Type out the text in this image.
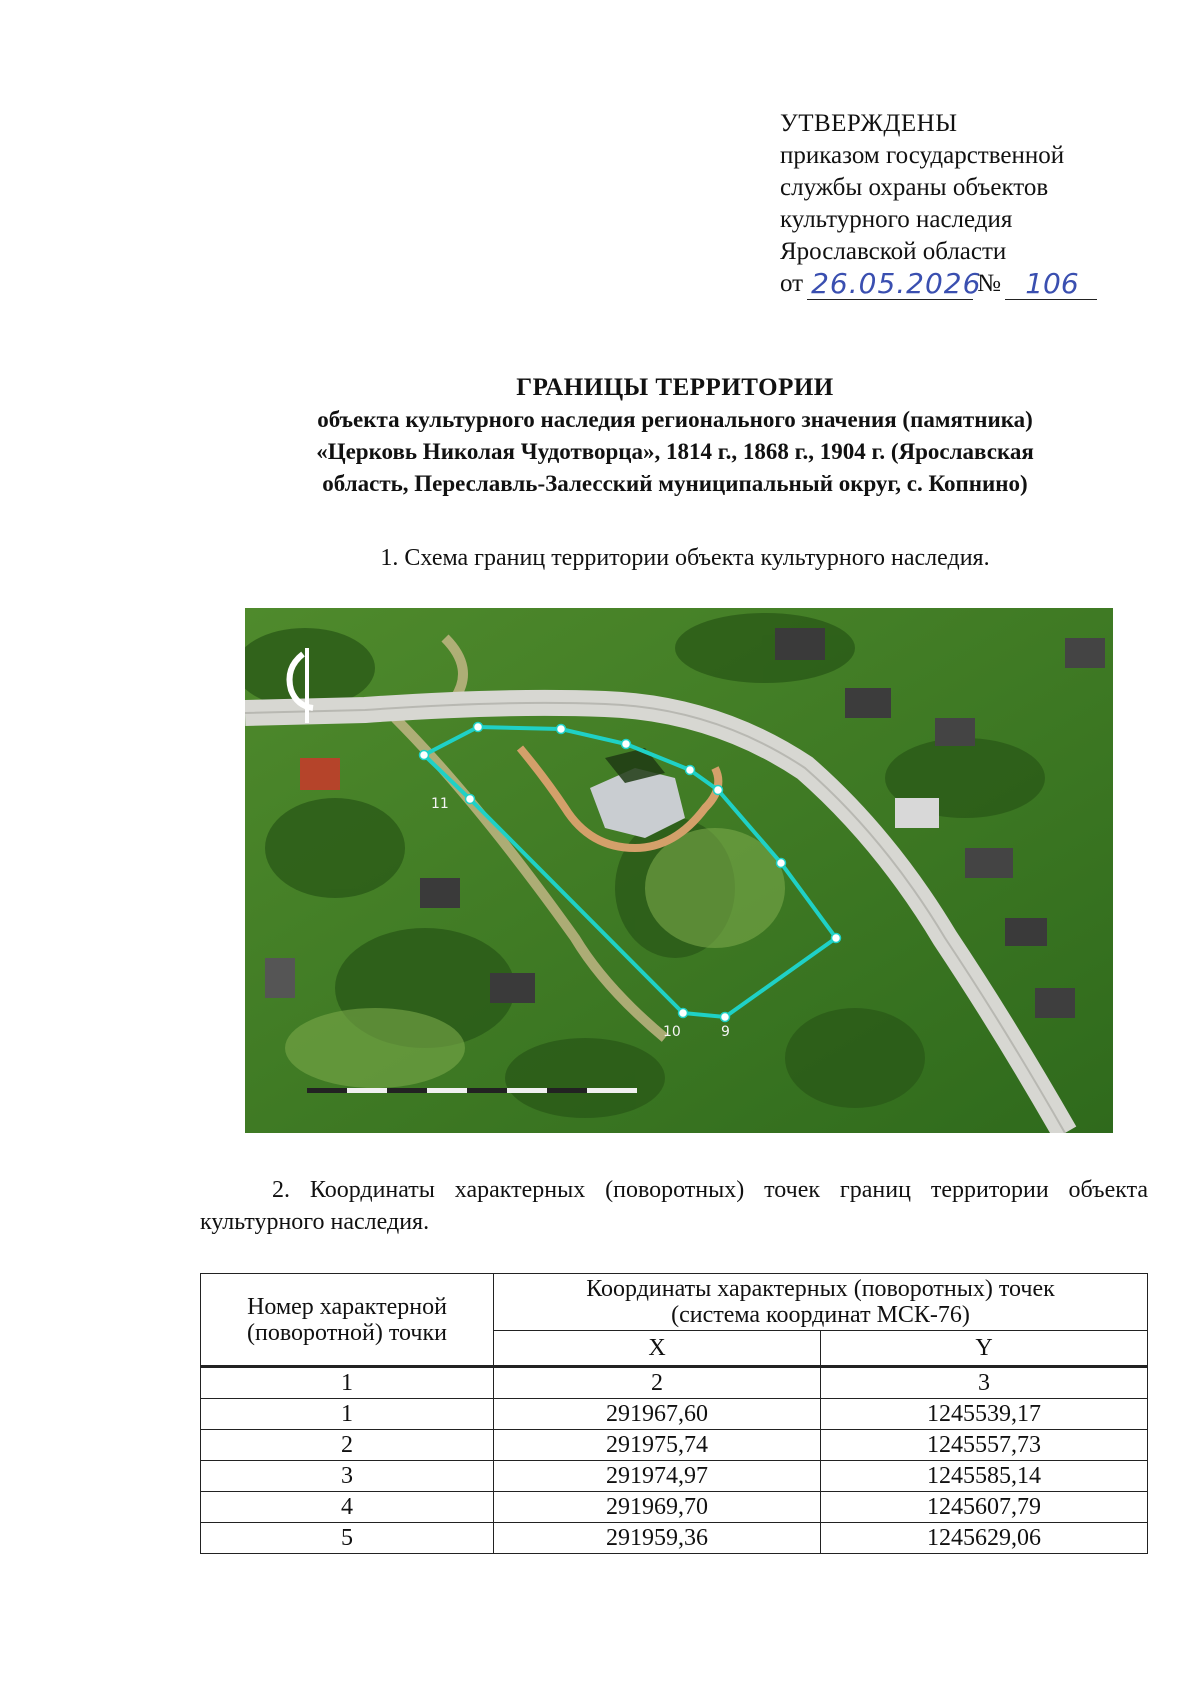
УТВЕРЖДЕНЫ
приказом государственной
службы охраны объектов
культурного наследия
Ярославской области
от 26.05.2026
№ 106
ГРАНИЦЫ ТЕРРИТОРИИ
объекта культурного наследия регионального значения (памятника)
«Церковь Николая Чудотворца», 1814 г., 1868 г., 1904 г. (Ярославская
область, Переславль-Залесский муниципальный округ, с. Копнино)
1. Схема границ территории объекта культурного наследия.
11
10	9
2. Координаты характерных (поворотных) точек границ территории объекта культурного наследия.
Номер характерной (поворотной) точки	Координаты характерных (поворотных) точек
(система координат МСК-76)	

	X	Y
1	2	3
1	291967,60	1245539,17
2	291975,74	1245557,73
3	291974,97	1245585,14
4	291969,70	1245607,79
5	291959,36	1245629,06
